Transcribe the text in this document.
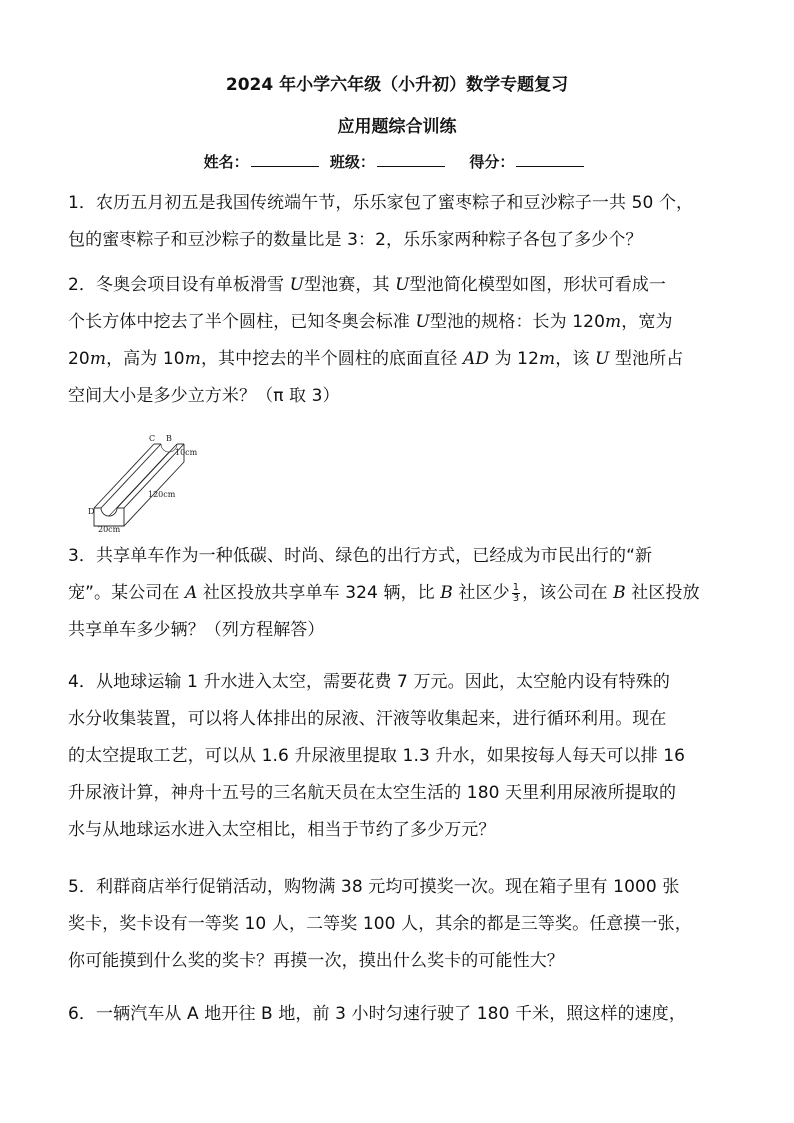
2024 年小学六年级（小升初）数学专题复习
应用题综合训练
姓名：	班级：	得分：

1．农历五月初五是我国传统端午节，乐乐家包了蜜枣粽子和豆沙粽子一共 50 个，

包的蜜枣粽子和豆沙粽子的数量比是 3：2，乐乐家两种粽子各包了多少个？

2．冬奥会项目设有单板滑雪 U型池赛，其 U型池简化模型如图，形状可看成一

个长方体中挖去了半个圆柱，已知冬奥会标准 U型池的规格：长为 120m，宽为

20m，高为 10m，其中挖去的半个圆柱的底面直径 AD 为 12m，该 U 型池所占

空间大小是多少立方米？（π 取 3）

C B
D
10cm
120cm
20cm

3．共享单车作为一种低碳、时尚、绿色的出行方式，已经成为市民出行的“新

宠”。某公司在 A 社区投放共享单车 324 辆，比 B 社区少 $\frac{1}{3}$ ，该公司在 B 社区投放

共享单车多少辆？（列方程解答）

4．从地球运输 1 升水进入太空，需要花费 7 万元。因此，太空舱内设有特殊的

水分收集装置，可以将人体排出的尿液、汗液等收集起来，进行循环利用。现在

的太空提取工艺，可以从 1.6 升尿液里提取 1.3 升水，如果按每人每天可以排 16

升尿液计算，神舟十五号的三名航天员在太空生活的 180 天里利用尿液所提取的

水与从地球运水进入太空相比，相当于节约了多少万元？

5．利群商店举行促销活动，购物满 38 元均可摸奖一次。现在箱子里有 1000 张

奖卡，奖卡设有一等奖 10 人，二等奖 100 人，其余的都是三等奖。任意摸一张，

你可能摸到什么奖的奖卡？再摸一次，摸出什么奖卡的可能性大？

6．一辆汽车从 A 地开往 B 地，前 3 小时匀速行驶了 180 千米，照这样的速度，
